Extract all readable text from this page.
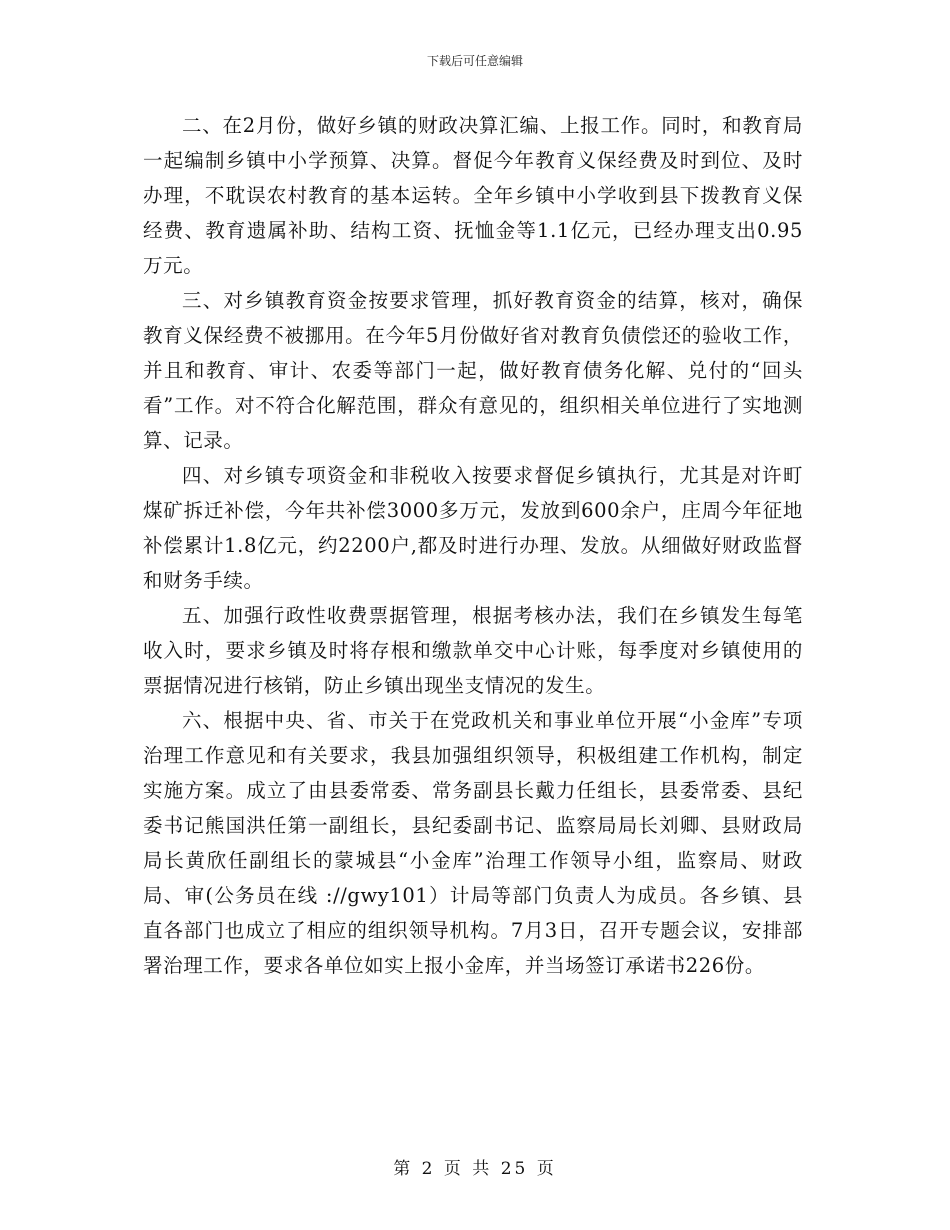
下载后可任意编辑

二、在2月份，做好乡镇的财政决算汇编、上报工作。同时，和教育局一起编制乡镇中小学预算、决算。督促今年教育义保经费及时到位、及时办理，不耽误农村教育的基本运转。全年乡镇中小学收到县下拨教育义保经费、教育遗属补助、结构工资、抚恤金等1.1亿元，已经办理支出0.95万元。

三、对乡镇教育资金按要求管理，抓好教育资金的结算，核对，确保教育义保经费不被挪用。在今年5月份做好省对教育负债偿还的验收工作，并且和教育、审计、农委等部门一起，做好教育债务化解、兑付的“回头看”工作。对不符合化解范围，群众有意见的，组织相关单位进行了实地测算、记录。

四、对乡镇专项资金和非税收入按要求督促乡镇执行，尤其是对许町煤矿拆迁补偿，今年共补偿3000多万元，发放到600余户，庄周今年征地补偿累计1.8亿元，约2200户,都及时进行办理、发放。从细做好财政监督和财务手续。

五、加强行政性收费票据管理，根据考核办法，我们在乡镇发生每笔收入时，要求乡镇及时将存根和缴款单交中心计账，每季度对乡镇使用的票据情况进行核销，防止乡镇出现坐支情况的发生。

六、根据中央、省、市关于在党政机关和事业单位开展“小金库”专项治理工作意见和有关要求，我县加强组织领导，积极组建工作机构，制定实施方案。成立了由县委常委、常务副县长戴力任组长，县委常委、县纪委书记熊国洪任第一副组长，县纪委副书记、监察局局长刘卿、县财政局局长黄欣任副组长的蒙城县“小金库”治理工作领导小组，监察局、财政局、审(公务员在线 ://gwy101）计局等部门负责人为成员。各乡镇、县直各部门也成立了相应的组织领导机构。7月3日，召开专题会议，安排部署治理工作，要求各单位如实上报小金库，并当场签订承诺书226份。

第 2 页 共 25 页
